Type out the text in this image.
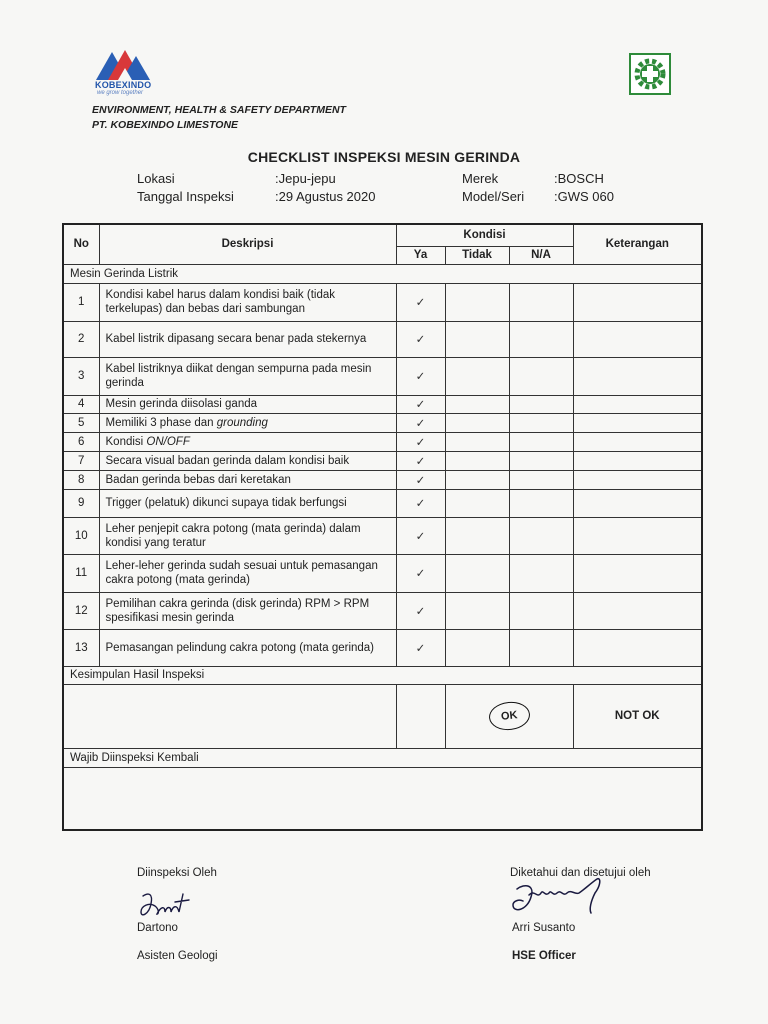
KOBEXINDO
we grow together
ENVIRONMENT, HEALTH & SAFETY DEPARTMENT
PT. KOBEXINDO LIMESTONE
CHECKLIST INSPEKSI MESIN GERINDA
Lokasi	:Jepu-jepu
Tanggal Inspeksi	:29 Agustus 2020
Merek	:BOSCH
Model/Seri :GWS 060
No	Deskripsi	Kondisi			Keterangan
		Ya	Tidak	N/A	
Mesin Gerinda Listrik					
1	Kondisi kabel harus dalam kondisi baik (tidak terkelupas) dan bebas dari sambungan	✓			
2	Kabel listrik dipasang secara benar pada stekernya	✓			
3	Kabel listriknya diikat dengan sempurna pada mesin gerinda	✓			
4	Mesin gerinda diisolasi ganda	✓			
5	Memiliki 3 phase dan grounding	✓			
6	Kondisi ON/OFF	✓			
7	Secara visual badan gerinda dalam kondisi baik	✓			
8	Badan gerinda bebas dari keretakan	✓			
9	Trigger (pelatuk) dikunci supaya tidak berfungsi	✓			
10	Leher penjepit cakra potong (mata gerinda) dalam kondisi yang teratur	✓			
11	Leher-leher gerinda sudah sesuai untuk pemasangan cakra potong (mata gerinda)	✓			
12	Pemilihan cakra gerinda (disk gerinda) RPM > RPM spesifikasi mesin gerinda	✓			
13	Pemasangan pelindung cakra potong (mata gerinda)	✓			
Kesimpulan Hasil Inspeksi					
			OK		NOT OK
Wajib Diinspeksi Kembali					

Diinspeksi Oleh
Dartono
Asisten Geologi
Diketahui dan disetujui oleh
Arri Susanto
HSE Officer
